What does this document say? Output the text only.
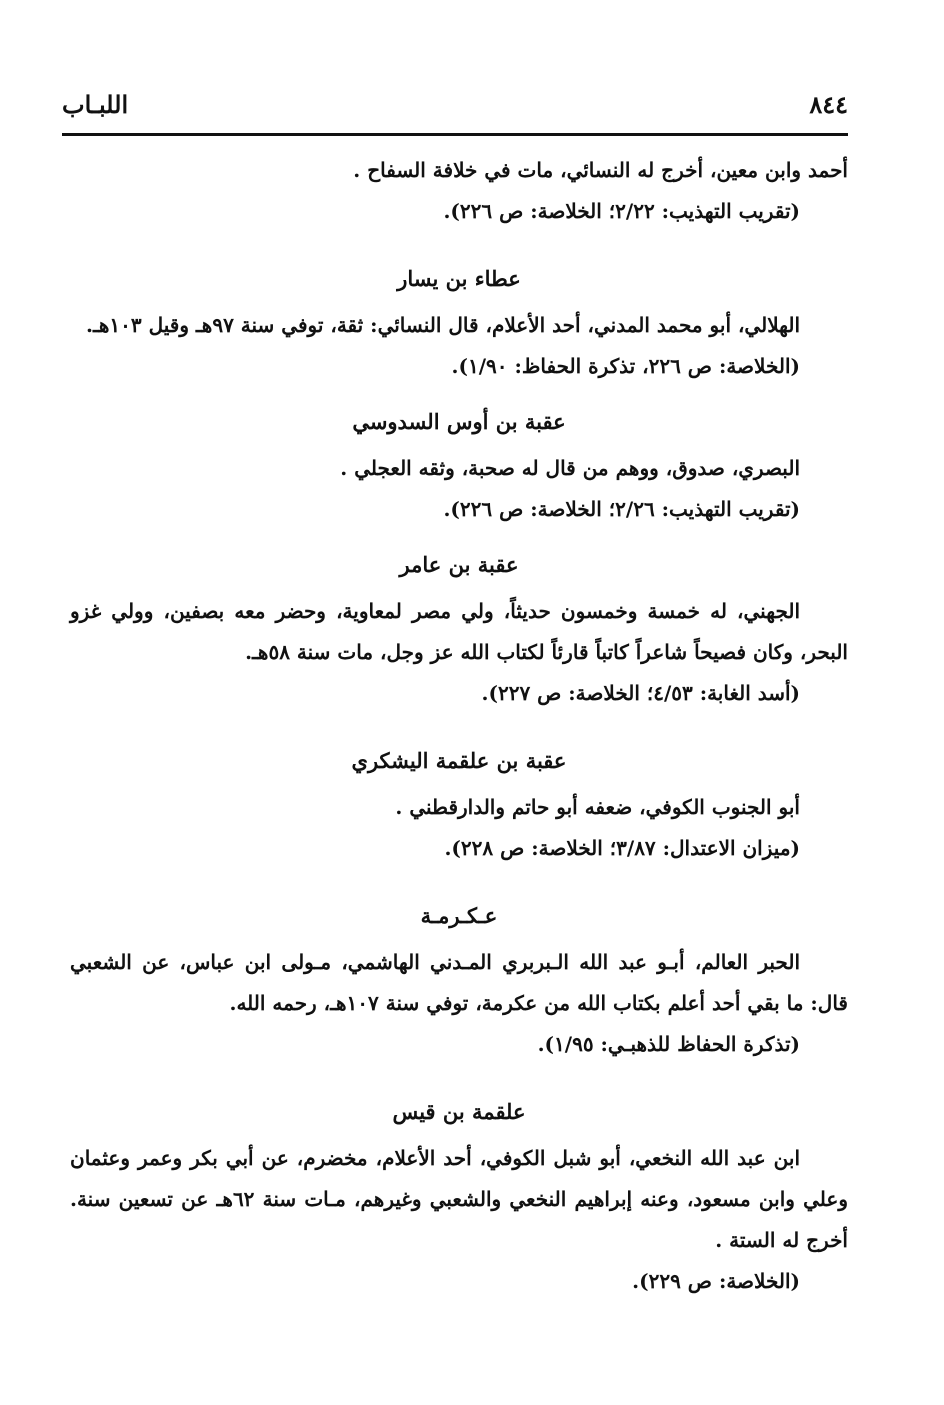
٨٤٤
اللبـاب

أحمد وابن معين، أخرج له النسائي، مات في خلافة السفاح .

(تقريب التهذيب: ٢/٢٢؛ الخلاصة: ص ٢٢٦).

عطاء بن يسار

الهلالي، أبو محمد المدني، أحد الأعلام، قال النسائي: ثقة، توفي سنة ٩٧هـ وقيل ١٠٣هـ.

(الخلاصة: ص ٢٢٦، تذكرة الحفاظ: ١/٩٠).

عقبة بن أوس السدوسي

البصري، صدوق، ووهم من قال له صحبة، وثقه العجلي .

(تقريب التهذيب: ٢/٢٦؛ الخلاصة: ص ٢٢٦).

عقبة بن عامر

الجهني، له خمسة وخمسون حديثاً، ولي مصر لمعاوية، وحضر معه بصفين، وولي غزو البحر، وكان فصيحاً شاعراً كاتباً قارئاً لكتاب الله عز وجل، مات سنة ٥٨هـ.

(أسد الغابة: ٤/٥٣؛ الخلاصة: ص ٢٢٧).

عقبة بن علقمة اليشكري

أبو الجنوب الكوفي، ضعفه أبو حاتم والدارقطني .

(ميزان الاعتدال: ٣/٨٧؛ الخلاصة: ص ٢٢٨).

عـكـرمـة

الحبر العالم، أبـو عبد الله الـبربري المـدني الهاشمي، مـولى ابن عباس، عن الشعبي قال: ما بقي أحد أعلم بكتاب الله من عكرمة، توفي سنة ١٠٧هـ، رحمه الله.

(تذكرة الحفاظ للذهبـي: ١/٩٥).

علقمة بن قيس

ابن عبد الله النخعي، أبو شبل الكوفي، أحد الأعلام، مخضرم، عن أبي بكر وعمر وعثمان وعلي وابن مسعود، وعنه إبراهيم النخعي والشعبي وغيرهم، مـات سنة ٦٢هـ عن تسعين سنة. أخرج له الستة .

(الخلاصة: ص ٢٢٩).
